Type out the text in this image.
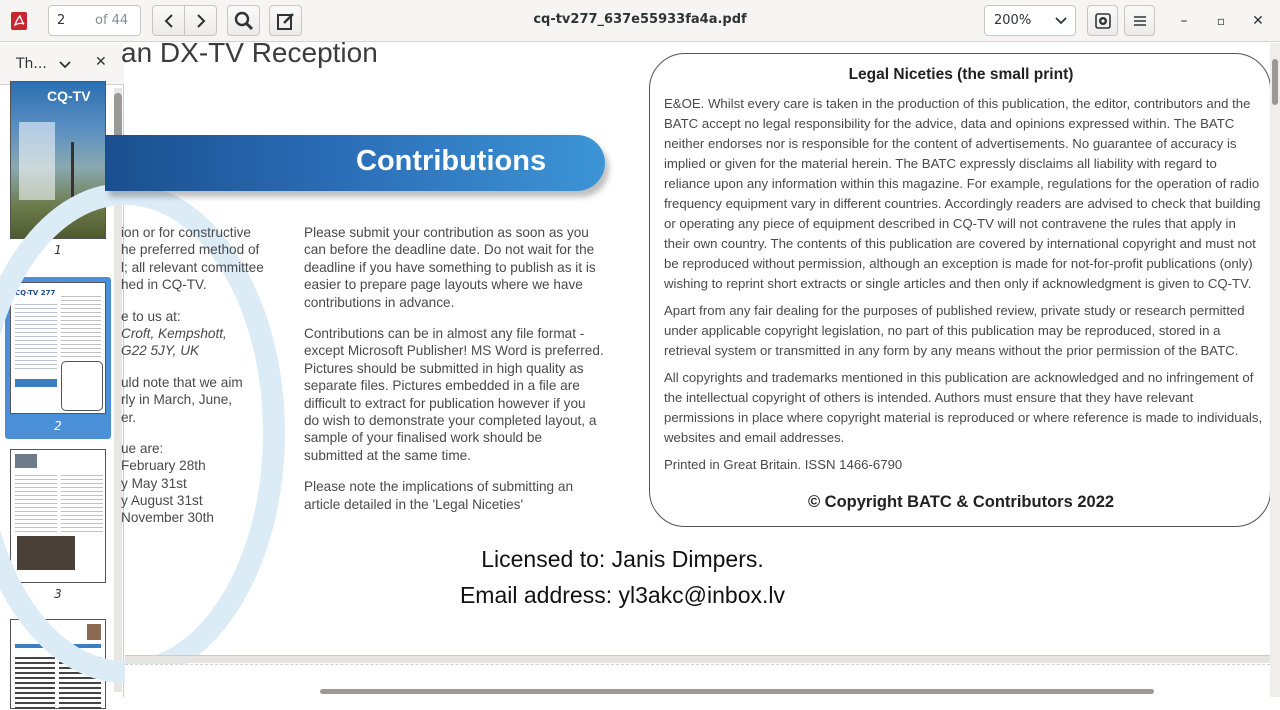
2
of 44	cq-tv277_637e55933fa4a.pdf	200%	–	▫	✕
Th...	✕
CQ-TV
1
CQ-TV 277
2
3
an DX-TV Reception
Contributions
ion or for constructive
he preferred method of
l; all relevant committee
hed in CQ-TV.
e to us at:
Croft, Kempshott,
G22 5JY, UK
uld note that we aim
rly in March, June,
er.
ue are:
February 28th
y May 31st
y August 31st
November 30th

Please submit your contribution as soon as you can before the deadline date. Do not wait for the deadline if you have something to publish as it is easier to prepare page layouts where we have contributions in advance.

Contributions can be in almost any file format - except Microsoft Publisher! MS Word is preferred. Pictures should be submitted in high quality as separate files. Pictures embedded in a file are difficult to extract for publication however if you do wish to demonstrate your completed layout, a sample of your finalised work should be submitted at the same time.

Please note the implications of submitting an article detailed in the 'Legal Niceties'

Legal Niceties (the small print)

E&OE. Whilst every care is taken in the production of this publication, the editor, contributors and the BATC accept no legal responsibility for the advice, data and opinions expressed within. The BATC neither endorses nor is responsible for the content of advertisements. No guarantee of accuracy is implied or given for the material herein. The BATC expressly disclaims all liability with regard to reliance upon any information within this magazine. For example, regulations for the operation of radio frequency equipment vary in different countries. Accordingly readers are advised to check that building or operating any piece of equipment described in CQ-TV will not contravene the rules that apply in their own country. The contents of this publication are covered by international copyright and must not be reproduced without permission, although an exception is made for not-for-profit publications (only) wishing to reprint short extracts or single articles and then only if acknowledgment is given to CQ-TV.

Apart from any fair dealing for the purposes of published review, private study or research permitted under applicable copyright legislation, no part of this publication may be reproduced, stored in a retrieval system or transmitted in any form by any means without the prior permission of the BATC.

All copyrights and trademarks mentioned in this publication are acknowledged and no infringement of the intellectual copyright of others is intended. Authors must ensure that they have relevant permissions in place where copyright material is reproduced or where reference is made to individuals, websites and email addresses.

Printed in Great Britain. ISSN 1466-6790

© Copyright BATC & Contributors 2022
Licensed to: Janis Dimpers.
Email address: yl3akc@inbox.lv
